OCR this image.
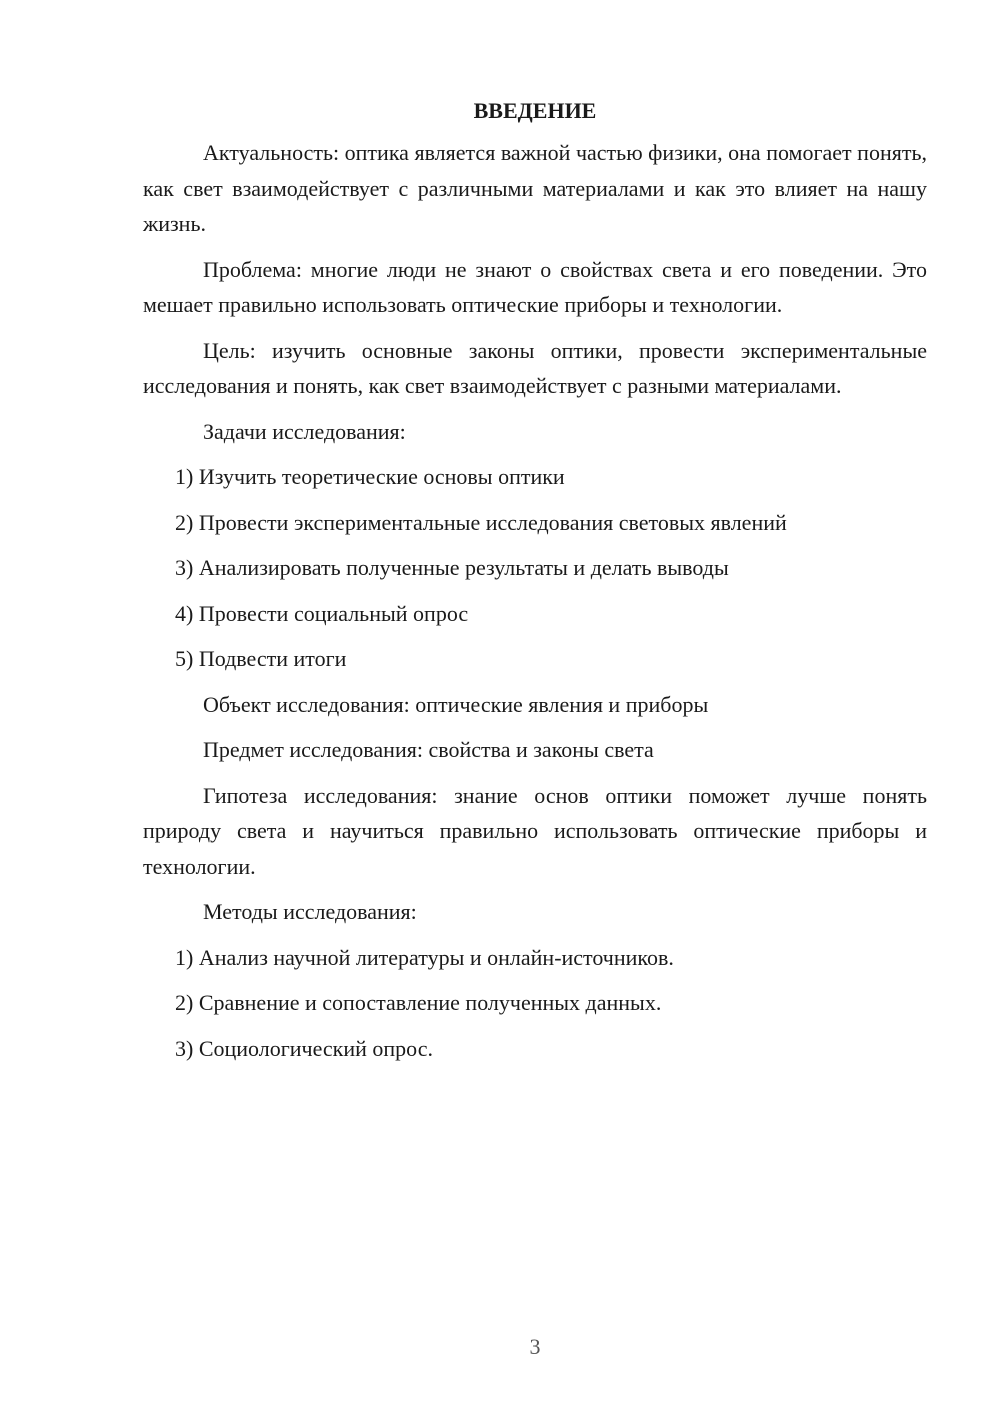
ВВЕДЕНИЕ

Актуальность: оптика является важной частью физики, она помогает понять, как свет взаимодействует с различными материалами и как это влияет на нашу жизнь.

Проблема: многие люди не знают о свойствах света и его поведении. Это мешает правильно использовать оптические приборы и технологии.

Цель: изучить основные законы оптики, провести экспериментальные исследования и понять, как свет взаимодействует с разными материалами.

Задачи исследования:

1) Изучить теоретические основы оптики

2) Провести экспериментальные исследования световых явлений

3) Анализировать полученные результаты и делать выводы

4) Провести социальный опрос

5) Подвести итоги

Объект исследования: оптические явления и приборы

Предмет исследования: свойства и законы света

Гипотеза исследования: знание основ оптики поможет лучше понять природу света и научиться правильно использовать оптические приборы и технологии.

Методы исследования:

1) Анализ научной литературы и онлайн-источников.

2) Сравнение и сопоставление полученных данных.

3) Социологический опрос.

3
